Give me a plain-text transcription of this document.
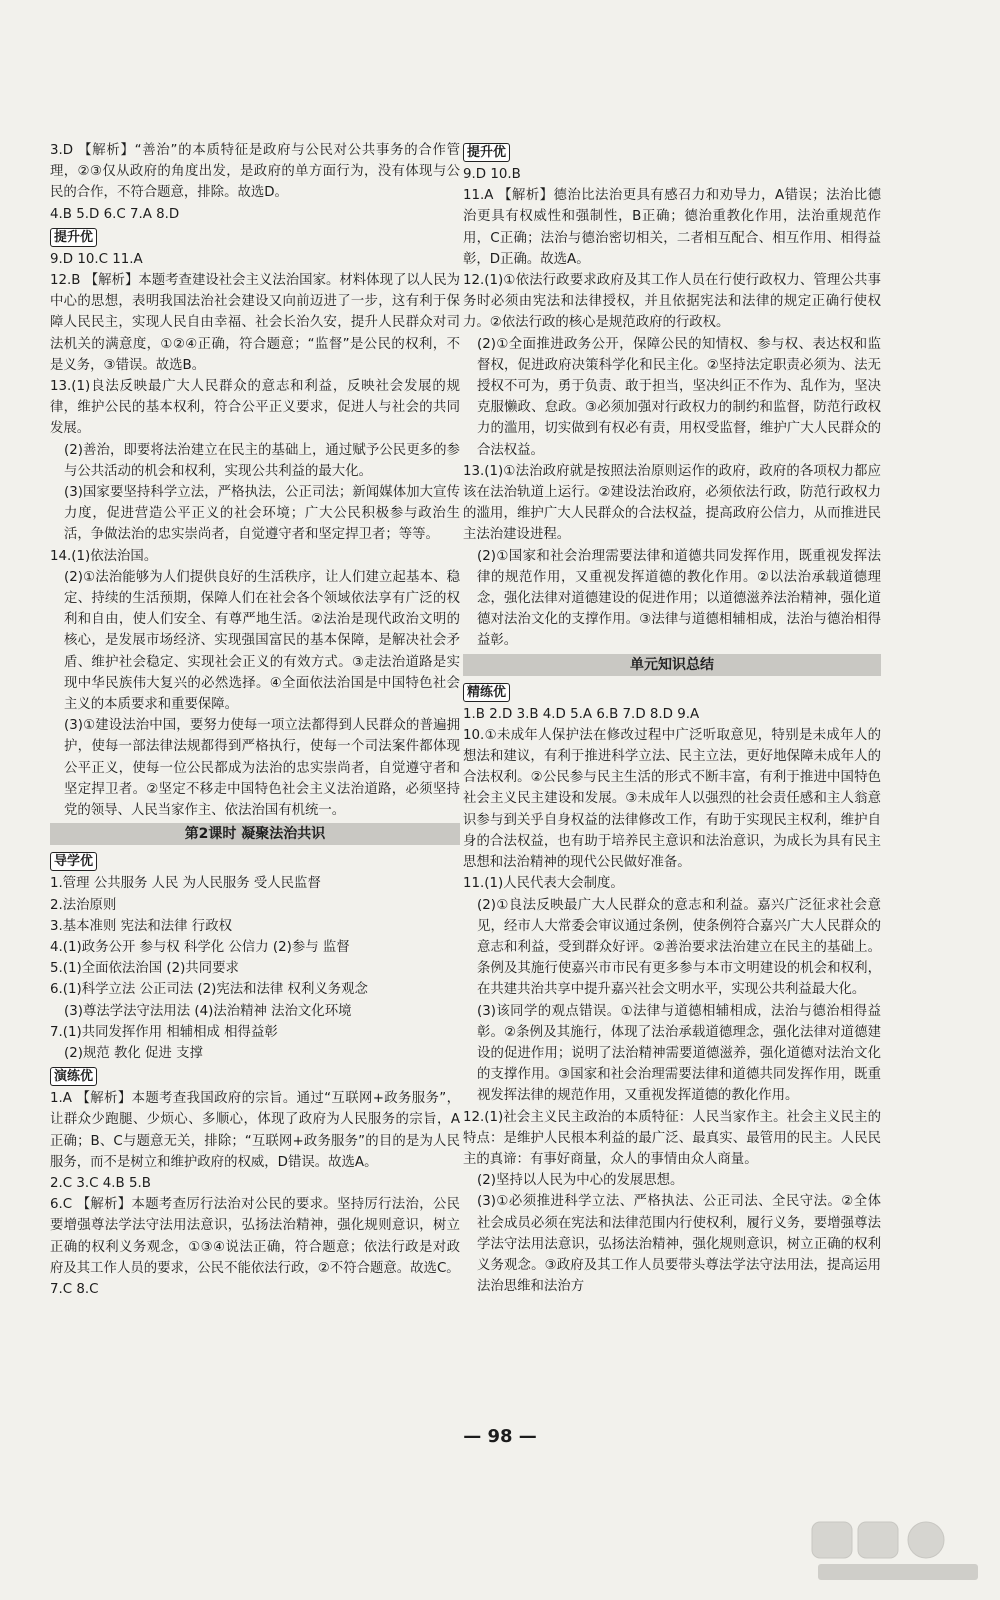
3.D 【解析】“善治”的本质特征是政府与公民对公共事务的合作管理，②③仅从政府的角度出发，是政府的单方面行为，没有体现与公民的合作，不符合题意，排除。故选D。

4.B 5.D 6.C 7.A 8.D

提升优

9.D 10.C 11.A

12.B 【解析】本题考查建设社会主义法治国家。材料体现了以人民为中心的思想，表明我国法治社会建设又向前迈进了一步，这有利于保障人民民主，实现人民自由幸福、社会长治久安，提升人民群众对司法机关的满意度，①②④正确，符合题意；“监督”是公民的权利，不是义务，③错误。故选B。

13.(1)良法反映最广大人民群众的意志和利益，反映社会发展的规律，维护公民的基本权利，符合公平正义要求，促进人与社会的共同发展。

(2)善治，即要将法治建立在民主的基础上，通过赋予公民更多的参与公共活动的机会和权利，实现公共利益的最大化。

(3)国家要坚持科学立法，严格执法，公正司法；新闻媒体加大宣传力度，促进营造公平正义的社会环境；广大公民积极参与政治生活，争做法治的忠实崇尚者，自觉遵守者和坚定捍卫者；等等。

14.(1)依法治国。

(2)①法治能够为人们提供良好的生活秩序，让人们建立起基本、稳定、持续的生活预期，保障人们在社会各个领域依法享有广泛的权利和自由，使人们安全、有尊严地生活。②法治是现代政治文明的核心，是发展市场经济、实现强国富民的基本保障，是解决社会矛盾、维护社会稳定、实现社会正义的有效方式。③走法治道路是实现中华民族伟大复兴的必然选择。④全面依法治国是中国特色社会主义的本质要求和重要保障。

(3)①建设法治中国，要努力使每一项立法都得到人民群众的普遍拥护，使每一部法律法规都得到严格执行，使每一个司法案件都体现公平正义，使每一位公民都成为法治的忠实崇尚者，自觉遵守者和坚定捍卫者。②坚定不移走中国特色社会主义法治道路，必须坚持党的领导、人民当家作主、依法治国有机统一。

第2课时 凝聚法治共识
导学优

1.管理 公共服务 人民 为人民服务 受人民监督

2.法治原则

3.基本准则 宪法和法律 行政权

4.(1)政务公开 参与权 科学化 公信力 (2)参与 监督

5.(1)全面依法治国 (2)共同要求

6.(1)科学立法 公正司法 (2)宪法和法律 权利义务观念

(3)尊法学法守法用法 (4)法治精神 法治文化环境

7.(1)共同发挥作用 相辅相成 相得益彰

(2)规范 教化 促进 支撑

演练优

1.A 【解析】本题考查我国政府的宗旨。通过“互联网+政务服务”，让群众少跑腿、少烦心、多顺心，体现了政府为人民服务的宗旨，A正确；B、C与题意无关，排除；“互联网+政务服务”的目的是为人民服务，而不是树立和维护政府的权威，D错误。故选A。

2.C 3.C 4.B 5.B

6.C 【解析】本题考查厉行法治对公民的要求。坚持厉行法治，公民要增强尊法学法守法用法意识，弘扬法治精神，强化规则意识，树立正确的权利义务观念，①③④说法正确，符合题意；依法行政是对政府及其工作人员的要求，公民不能依法行政，②不符合题意。故选C。

7.C 8.C

提升优

9.D 10.B

11.A 【解析】德治比法治更具有感召力和劝导力，A错误；法治比德治更具有权威性和强制性，B正确；德治重教化作用，法治重规范作用，C正确；法治与德治密切相关，二者相互配合、相互作用、相得益彰，D正确。故选A。

12.(1)①依法行政要求政府及其工作人员在行使行政权力、管理公共事务时必须由宪法和法律授权，并且依据宪法和法律的规定正确行使权力。②依法行政的核心是规范政府的行政权。

(2)①全面推进政务公开，保障公民的知情权、参与权、表达权和监督权，促进政府决策科学化和民主化。②坚持法定职责必须为、法无授权不可为，勇于负责、敢于担当，坚决纠正不作为、乱作为，坚决克服懒政、怠政。③必须加强对行政权力的制约和监督，防范行政权力的滥用，切实做到有权必有责，用权受监督，维护广大人民群众的合法权益。

13.(1)①法治政府就是按照法治原则运作的政府，政府的各项权力都应该在法治轨道上运行。②建设法治政府，必须依法行政，防范行政权力的滥用，维护广大人民群众的合法权益，提高政府公信力，从而推进民主法治建设进程。

(2)①国家和社会治理需要法律和道德共同发挥作用，既重视发挥法律的规范作用，又重视发挥道德的教化作用。②以法治承载道德理念，强化法律对道德建设的促进作用；以道德滋养法治精神，强化道德对法治文化的支撑作用。③法律与道德相辅相成，法治与德治相得益彰。

单元知识总结
精练优

1.B 2.D 3.B 4.D 5.A 6.B 7.D 8.D 9.A

10.①未成年人保护法在修改过程中广泛听取意见，特别是未成年人的想法和建议，有利于推进科学立法、民主立法，更好地保障未成年人的合法权利。②公民参与民主生活的形式不断丰富，有利于推进中国特色社会主义民主建设和发展。③未成年人以强烈的社会责任感和主人翁意识参与到关乎自身权益的法律修改工作，有助于实现民主权利，维护自身的合法权益，也有助于培养民主意识和法治意识，为成长为具有民主思想和法治精神的现代公民做好准备。

11.(1)人民代表大会制度。

(2)①良法反映最广大人民群众的意志和利益。嘉兴广泛征求社会意见，经市人大常委会审议通过条例，使条例符合嘉兴广大人民群众的意志和利益，受到群众好评。②善治要求法治建立在民主的基础上。条例及其施行使嘉兴市市民有更多参与本市文明建设的机会和权利，在共建共治共享中提升嘉兴社会文明水平，实现公共利益最大化。

(3)该同学的观点错误。①法律与道德相辅相成，法治与德治相得益彰。②条例及其施行，体现了法治承载道德理念，强化法律对道德建设的促进作用；说明了法治精神需要道德滋养，强化道德对法治文化的支撑作用。③国家和社会治理需要法律和道德共同发挥作用，既重视发挥法律的规范作用，又重视发挥道德的教化作用。

12.(1)社会主义民主政治的本质特征：人民当家作主。社会主义民主的特点：是维护人民根本利益的最广泛、最真实、最管用的民主。人民民主的真谛：有事好商量，众人的事情由众人商量。

(2)坚持以人民为中心的发展思想。

(3)①必须推进科学立法、严格执法、公正司法、全民守法。②全体社会成员必须在宪法和法律范围内行使权利，履行义务，要增强尊法学法守法用法意识，弘扬法治精神，强化规则意识，树立正确的权利义务观念。③政府及其工作人员要带头尊法学法守法用法，提高运用法治思维和法治方

— 98 —
